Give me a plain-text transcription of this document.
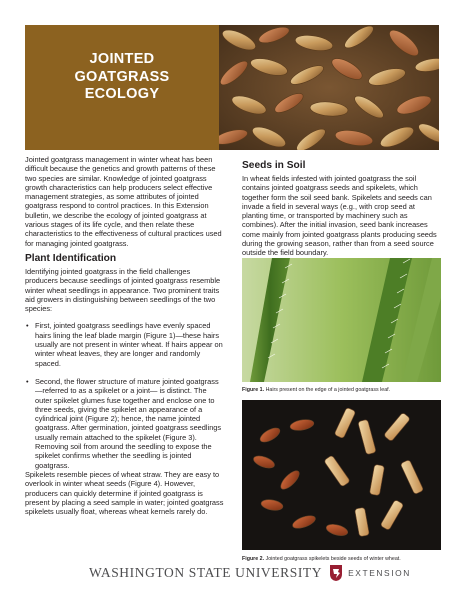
JOINTED
GOATGRASS
ECOLOGY

Jointed goatgrass management in winter wheat has been difficult because the genetics and growth patterns of these two species are similar. Knowledge of jointed goatgrass growth characteristics can help producers select effective management strategies, as some attributes of jointed goatgrass respond to control practices. In this Extension bulletin, we describe the ecology of jointed goatgrass at various stages of its life cycle, and then relate these characteristics to the effectiveness of cultural practices used for managing jointed goatgrass.

Plant Identification

Identifying jointed goatgrass in the field challenges producers because seedlings of jointed goatgrass resemble winter wheat seedlings in appearance. Two prominent traits aid growers in distinguishing between seedlings of the two species:

• First, jointed goatgrass seedlings have evenly spaced hairs lining the leaf blade margin (Figure 1)—these hairs usually are not present in winter wheat. If hairs appear on winter wheat leaves, they are longer and randomly spaced.

• Second, the flower structure of mature jointed goatgrass—referred to as a spikelet or a joint— is distinct. The outer spikelet glumes fuse together and enclose one to three seeds, giving the spikelet an appearance of a cylindrical joint (Figure 2); hence, the name jointed goatgrass. After germination, jointed goatgrass seedlings usually remain attached to the spikelet (Figure 3). Removing soil from around the seedling to expose the spikelet confirms whether the seedling is jointed goatgrass.

Spikelets resemble pieces of wheat straw. They are easy to overlook in winter wheat seeds (Figure 4). However, producers can quickly determine if jointed goatgrass is present by placing a seed sample in water; jointed goatgrass spikelets usually float, whereas wheat kernels rarely do.

Seeds in Soil

In wheat fields infested with jointed goatgrass the soil contains jointed goatgrass seeds and spikelets, which together form the soil seed bank. Spikelets and seeds can invade a field in several ways (e.g., with crop seed at planting time, or transported by machinery such as combines). After the initial invasion, seed bank increases come mainly from jointed goatgrass plants producing seeds during the growing season, rather than from a seed source outside the field boundary.

Figure 1. Hairs present on the edge of a jointed goatgrass leaf.
Figure 2. Jointed goatgrass spikelets beside seeds of winter wheat.
WASHINGTON STATE UNIVERSITY	EXTENSION
